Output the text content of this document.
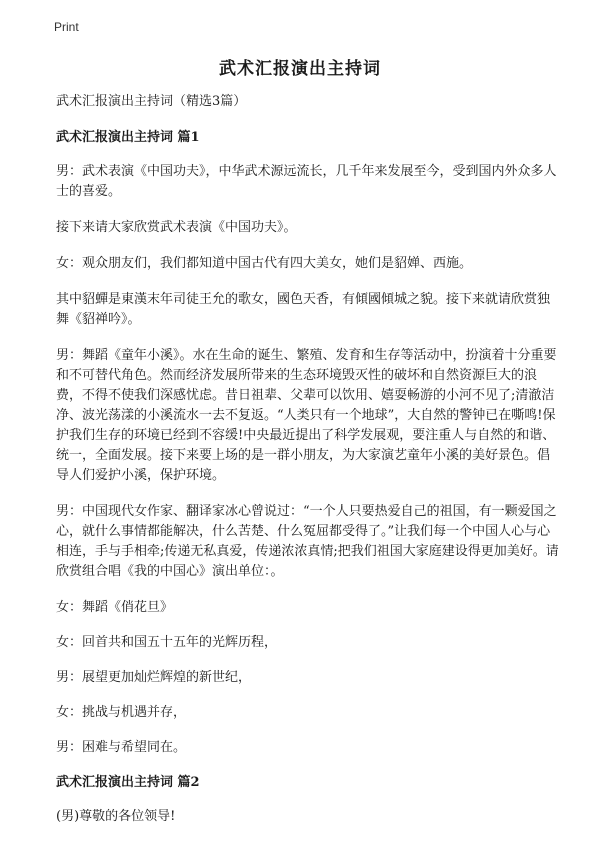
Print
武术汇报演出主持词

武术汇报演出主持词（精选3篇）

武术汇报演出主持词 篇1

男：武术表演《中国功夫》，中华武术源远流长，几千年来发展至今，受到国内外众多人士的喜爱。

接下来请大家欣赏武术表演《中国功夫》。

女：观众朋友们，我们都知道中国古代有四大美女，她们是貂婵、西施。

其中貂蟬是東漢末年司徒王允的歌女，國色天香，有傾國傾城之貌。接下来就请欣赏独舞《貂禅吟》。

男：舞蹈《童年小溪》。水在生命的诞生、繁殖、发育和生存等活动中，扮演着十分重要和不可替代角色。然而经济发展所带来的生态环境毁灭性的破坏和自然资源巨大的浪费，不得不使我们深感忧虑。昔日祖辈、父辈可以饮用、嬉耍畅游的小河不见了;清澈洁净、波光荡漾的小溪流水一去不复返。“人类只有一个地球”，大自然的警钟已在嘶鸣!保护我们生存的环境已经到不容缓!中央最近提出了科学发展观，要注重人与自然的和谐、统一，全面发展。接下来要上场的是一群小朋友，为大家演艺童年小溪的美好景色。倡导人们爱护小溪，保护环境。

男：中国现代女作家、翻译家冰心曾说过：“一个人只要热爱自己的祖国，有一颗爱国之心，就什么事情都能解决，什么苦楚、什么冤屈都受得了。”让我们每一个中国人心与心相连，手与手相牵;传递无私真爱，传递浓浓真情;把我们祖国大家庭建设得更加美好。请欣赏组合唱《我的中国心》演出单位：。

女：舞蹈《俏花旦》

女：回首共和国五十五年的光辉历程，

男：展望更加灿烂辉煌的新世纪，

女：挑战与机遇并存，

男：困难与希望同在。

武术汇报演出主持词 篇2

(男)尊敬的各位领导!
